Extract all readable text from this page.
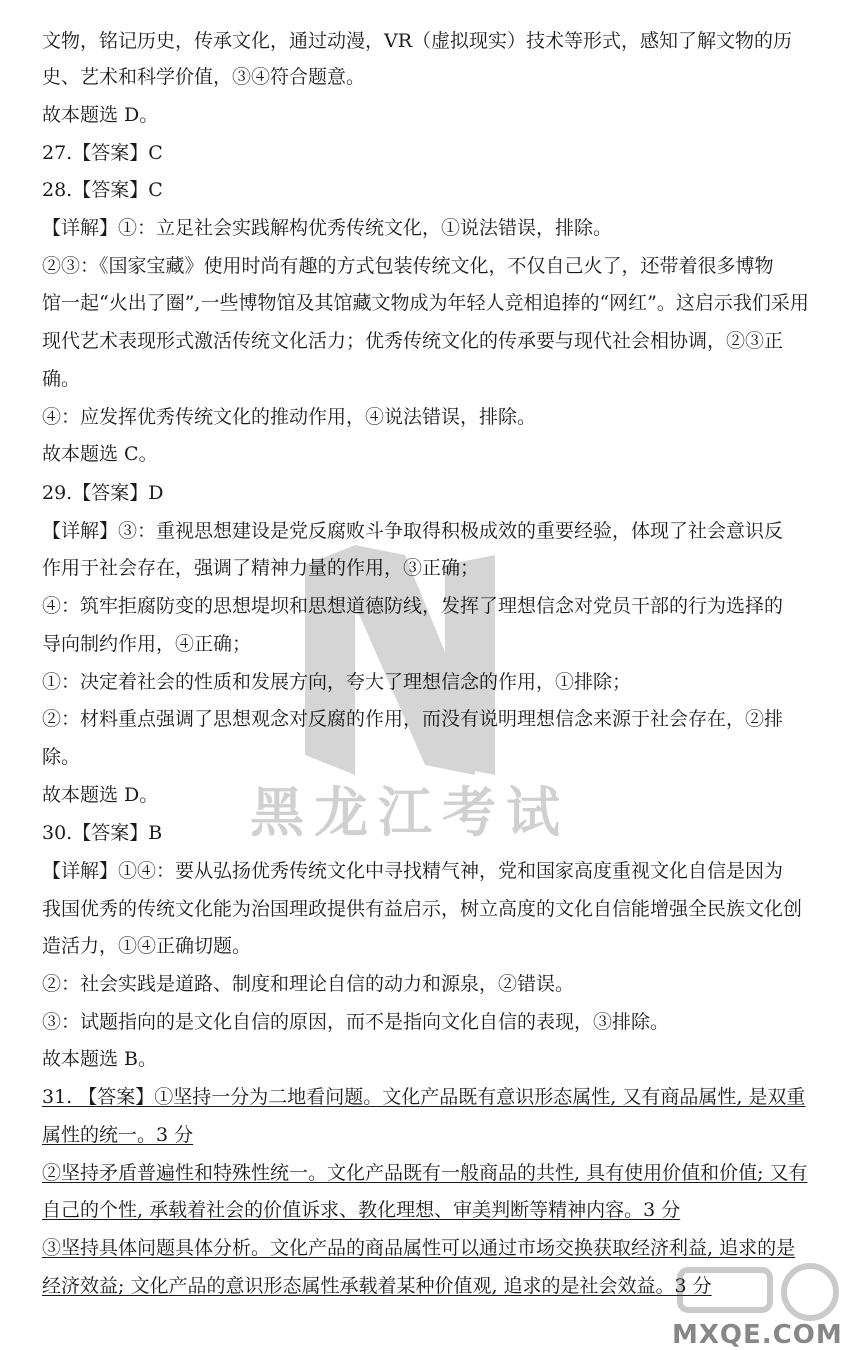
文物，铭记历史，传承文化，通过动漫，VR（虚拟现实）技术等形式，感知了解文物的历
史、艺术和科学价值，③④符合题意。
故本题选 D。
27.【答案】C
28.【答案】C
【详解】①：立足社会实践解构优秀传统文化，①说法错误，排除。
②③：《国家宝藏》使用时尚有趣的方式包装传统文化，不仅自己火了，还带着很多博物
馆一起“火出了圈”,一些博物馆及其馆藏文物成为年轻人竞相追捧的“网红”。这启示我们采用
现代艺术表现形式激活传统文化活力；优秀传统文化的传承要与现代社会相协调，②③正
确。
④：应发挥优秀传统文化的推动作用，④说法错误，排除。
故本题选 C。
29.【答案】D
【详解】③：重视思想建设是党反腐败斗争取得积极成效的重要经验，体现了社会意识反
作用于社会存在，强调了精神力量的作用，③正确；
④：筑牢拒腐防变的思想堤坝和思想道德防线，发挥了理想信念对党员干部的行为选择的
导向制约作用，④正确；
①：决定着社会的性质和发展方向，夸大了理想信念的作用，①排除；
②：材料重点强调了思想观念对反腐的作用，而没有说明理想信念来源于社会存在，②排
除。
故本题选 D。
30.【答案】B
【详解】①④：要从弘扬优秀传统文化中寻找精气神，党和国家高度重视文化自信是因为
我国优秀的传统文化能为治国理政提供有益启示，树立高度的文化自信能增强全民族文化创
造活力，①④正确切题。
②：社会实践是道路、制度和理论自信的动力和源泉，②错误。
③：试题指向的是文化自信的原因，而不是指向文化自信的表现，③排除。
故本题选 B。
31. 【答案】①坚持一分为二地看问题。文化产品既有意识形态属性, 又有商品属性, 是双重
属性的统一。3 分
②坚持矛盾普遍性和特殊性统一。文化产品既有一般商品的共性, 具有使用价值和价值; 又有
自己的个性, 承载着社会的价值诉求、教化理想、审美判断等精神内容。3 分
③坚持具体问题具体分析。文化产品的商品属性可以通过市场交换获取经济利益, 追求的是
经济效益; 文化产品的意识形态属性承载着某种价值观, 追求的是社会效益。3 分
黑龙江考试
MXQE.COM
